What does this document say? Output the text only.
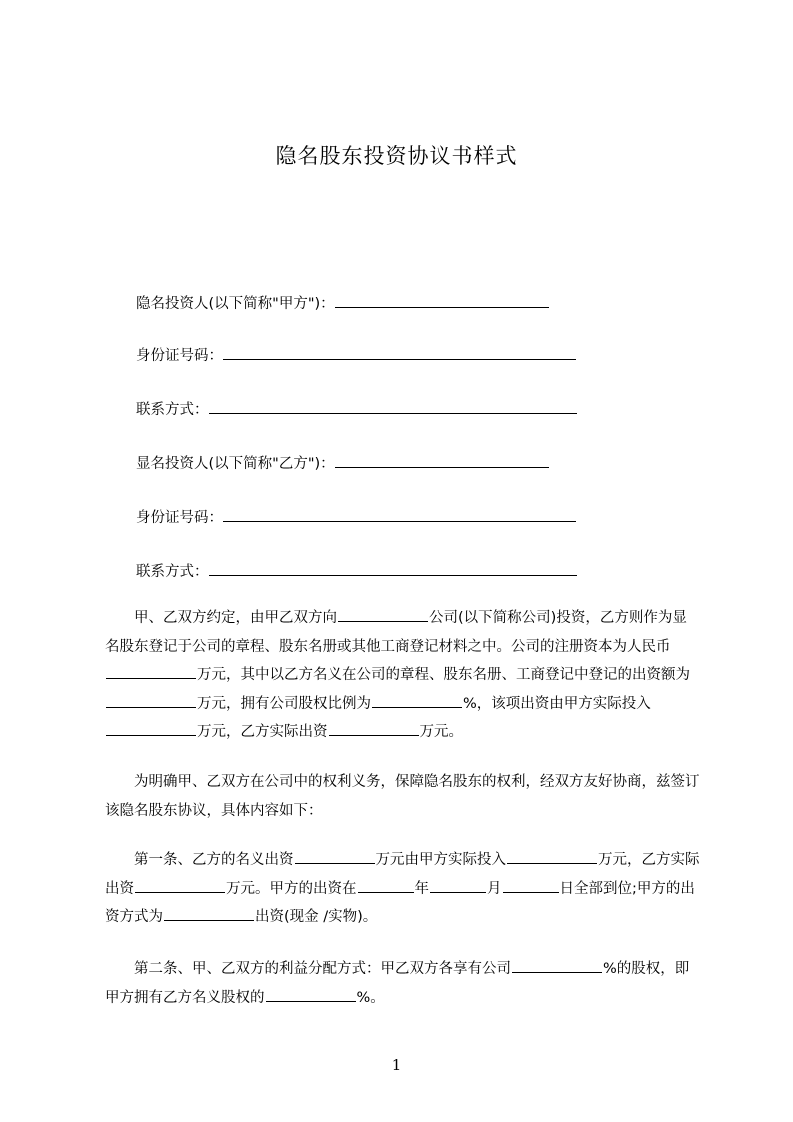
隐名股东投资协议书样式
隐名投资人(以下简称"甲方")：
身份证号码：
联系方式：
显名投资人(以下简称"乙方")：
身份证号码：
联系方式：
甲、乙双方约定，由甲乙双方向	公司(以下简称公司)投资，乙方则作为显名股东登记于公司的章程、股东名册或其他工商登记材料之中。公司的注册资本为人民币万元，其中以乙方名义在公司的章程、股东名册、工商登记中登记的出资额为万元，拥有公司股权比例为	%，该项出资由甲方实际投入万元，乙方实际出资	万元。
为明确甲、乙双方在公司中的权利义务，保障隐名股东的权利，经双方友好协商，兹签订该隐名股东协议，具体内容如下：
第一条、乙方的名义出资	万元由甲方实际投入	万元，乙方实际出资	万元。甲方的出资在	年	月	日全部到位;甲方的出资方式为	出资(现金 /实物)。
第二条、甲、乙双方的利益分配方式：甲乙双方各享有公司	%的股权，即甲方拥有乙方名义股权的	%。
1
